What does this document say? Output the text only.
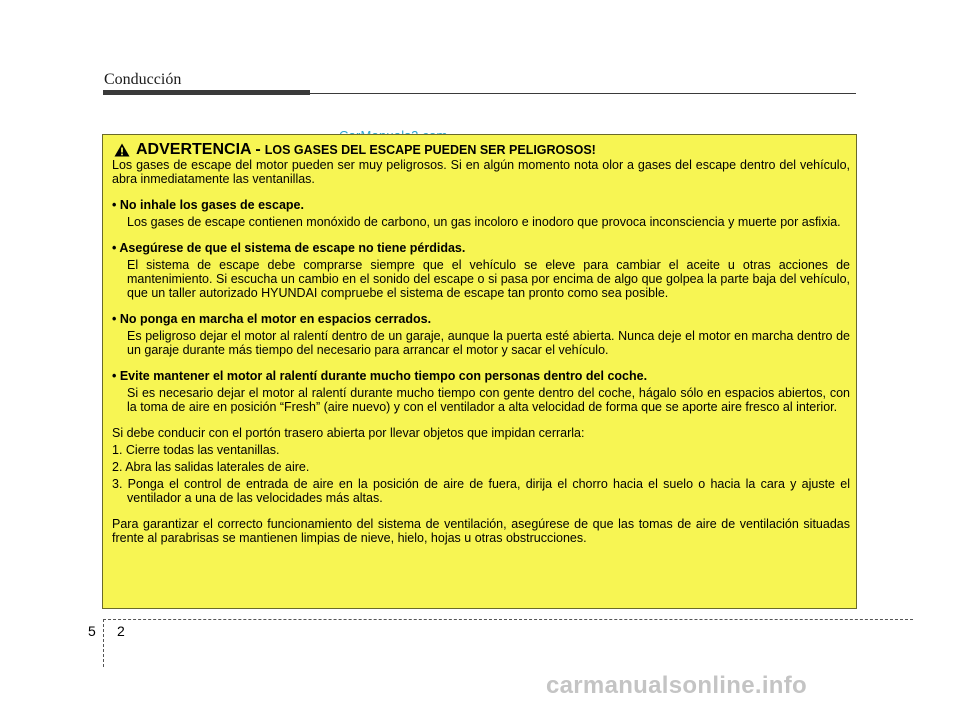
Conducción
ADVERTENCIA - LOS GASES DEL ESCAPE PUEDEN SER PELIGROSOS!

Los gases de escape del motor pueden ser muy peligrosos. Si en algún momento nota olor a gases del escape dentro del vehículo, abra inmediatamente las ventanillas.

• No inhale los gases de escape.

Los gases de escape contienen monóxido de carbono, un gas incoloro e inodoro que provoca inconsciencia y muerte por asfixia.

• Asegúrese de que el sistema de escape no tiene pérdidas.

El sistema de escape debe comprarse siempre que el vehículo se eleve para cambiar el aceite u otras acciones de mantenimiento. Si escucha un cambio en el sonido del escape o si pasa por encima de algo que golpea la parte baja del vehículo, que un taller autorizado HYUNDAI compruebe el sistema de escape tan pronto como sea posible.

• No ponga en marcha el motor en espacios cerrados.

Es peligroso dejar el motor al ralentí dentro de un garaje, aunque la puerta esté abierta. Nunca deje el motor en marcha dentro de un garaje durante más tiempo del necesario para arrancar el motor y sacar el vehículo.

• Evite mantener el motor al ralentí durante mucho tiempo con personas dentro del coche.

Si es necesario dejar el motor al ralentí durante mucho tiempo con gente dentro del coche, hágalo sólo en espacios abiertos, con la toma de aire en posición “Fresh” (aire nuevo) y con el ventilador a alta velocidad de forma que se aporte aire fresco al interior.

Si debe conducir con el portón trasero abierta por llevar objetos que impidan cerrarla:

1. Cierre todas las ventanillas.

2. Abra las salidas laterales de aire.

3. Ponga el control de entrada de aire en la posición de aire de fuera, dirija el chorro hacia el suelo o hacia la cara y ajuste el ventilador a una de las velocidades más altas.

Para garantizar el correcto funcionamiento del sistema de ventilación, asegúrese de que las tomas de aire de ventilación situadas frente al parabrisas se mantienen limpias de nieve, hielo, hojas u otras obstrucciones.

5 2
carmanualsonline.info
